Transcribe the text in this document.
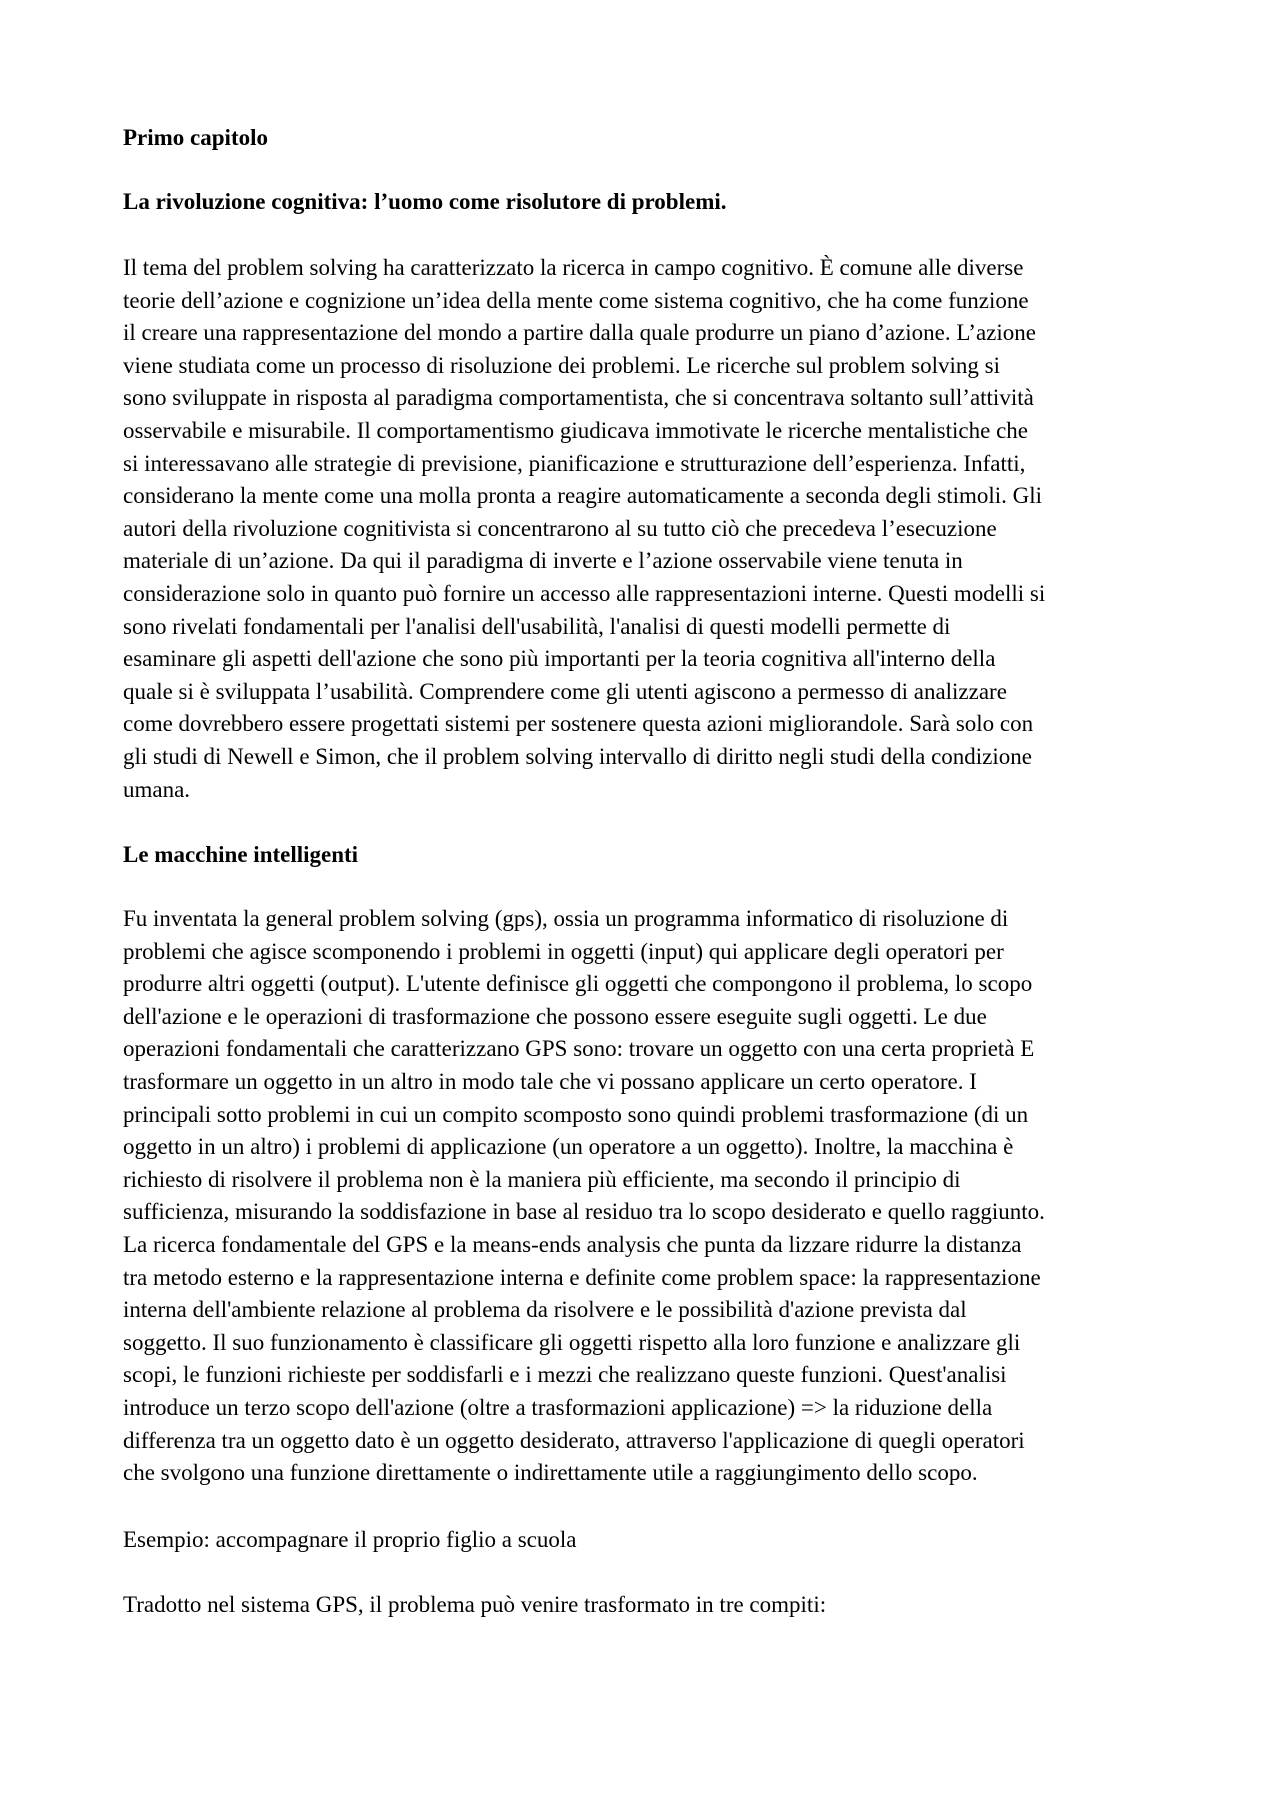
Primo capitolo

La rivoluzione cognitiva: l’uomo come risolutore di problemi.

Il tema del problem solving ha caratterizzato la ricerca in campo cognitivo. È comune alle diverse
teorie dell’azione e cognizione un’idea della mente come sistema cognitivo, che ha come funzione
il creare una rappresentazione del mondo a partire dalla quale produrre un piano d’azione. L’azione
viene studiata come un processo di risoluzione dei problemi. Le ricerche sul problem solving si
sono sviluppate in risposta al paradigma comportamentista, che si concentrava soltanto sull’attività
osservabile e misurabile. Il comportamentismo giudicava immotivate le ricerche mentalistiche che
si interessavano alle strategie di previsione, pianificazione e strutturazione dell’esperienza. Infatti,
considerano la mente come una molla pronta a reagire automaticamente a seconda degli stimoli. Gli
autori della rivoluzione cognitivista si concentrarono al su tutto ciò che precedeva l’esecuzione
materiale di un’azione. Da qui il paradigma di inverte e l’azione osservabile viene tenuta in
considerazione solo in quanto può fornire un accesso alle rappresentazioni interne. Questi modelli si
sono rivelati fondamentali per l'analisi dell'usabilità, l'analisi di questi modelli permette di
esaminare gli aspetti dell'azione che sono più importanti per la teoria cognitiva all'interno della
quale si è sviluppata l’usabilità. Comprendere come gli utenti agiscono a permesso di analizzare
come dovrebbero essere progettati sistemi per sostenere questa azioni migliorandole. Sarà solo con
gli studi di Newell e Simon, che il problem solving intervallo di diritto negli studi della condizione
umana.

Le macchine intelligenti

Fu inventata la general problem solving (gps), ossia un programma informatico di risoluzione di
problemi che agisce scomponendo i problemi in oggetti (input) qui applicare degli operatori per
produrre altri oggetti (output). L'utente definisce gli oggetti che compongono il problema, lo scopo
dell'azione e le operazioni di trasformazione che possono essere eseguite sugli oggetti. Le due
operazioni fondamentali che caratterizzano GPS sono: trovare un oggetto con una certa proprietà E
trasformare un oggetto in un altro in modo tale che vi possano applicare un certo operatore. I
principali sotto problemi in cui un compito scomposto sono quindi problemi trasformazione (di un
oggetto in un altro) i problemi di applicazione (un operatore a un oggetto). Inoltre, la macchina è
richiesto di risolvere il problema non è la maniera più efficiente, ma secondo il principio di
sufficienza, misurando la soddisfazione in base al residuo tra lo scopo desiderato e quello raggiunto.
La ricerca fondamentale del GPS e la means-ends analysis che punta da lizzare ridurre la distanza
tra metodo esterno e la rappresentazione interna e definite come problem space: la rappresentazione
interna dell'ambiente relazione al problema da risolvere e le possibilità d'azione prevista dal
soggetto. Il suo funzionamento è classificare gli oggetti rispetto alla loro funzione e analizzare gli
scopi, le funzioni richieste per soddisfarli e i mezzi che realizzano queste funzioni. Quest'analisi
introduce un terzo scopo dell'azione (oltre a trasformazioni applicazione) => la riduzione della
differenza tra un oggetto dato è un oggetto desiderato, attraverso l'applicazione di quegli operatori
che svolgono una funzione direttamente o indirettamente utile a raggiungimento dello scopo.

Esempio: accompagnare il proprio figlio a scuola

Tradotto nel sistema GPS, il problema può venire trasformato in tre compiti:
